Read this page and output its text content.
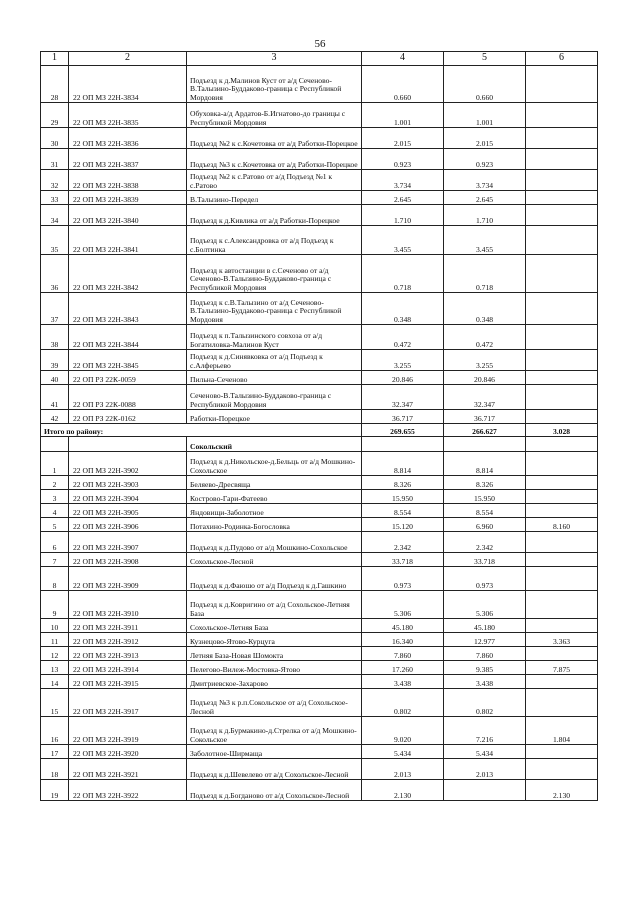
56
1	2	3	4	5	6
28	22 ОП МЗ 22Н-3834	Подъезд к д.Малинов Куст от а/д Сеченово-В.Талызино-Буддаково-граница с Республикой Мордовия	0.660	0.660	
29	22 ОП МЗ 22Н-3835	Обуховка-а/д Ардатов-Б.Игнатово-до границы с Республикой Мордовия	1.001	1.001	
30	22 ОП МЗ 22Н-3836	Подъезд №2 к с.Кочетовка от а/д Работки-Порецкое	2.015	2.015	
31	22 ОП МЗ 22Н-3837	Подъезд №3 к с.Кочетовка от а/д Работки-Порецкое	0.923	0.923	
32	22 ОП МЗ 22Н-3838	Подъезд №2 к с.Ратово от а/д Подъезд №1 к с.Ратово	3.734	3.734	
33	22 ОП МЗ 22Н-3839	В.Талызино-Передел	2.645	2.645	
34	22 ОП МЗ 22Н-3840	Подъезд к д.Кивлика от а/д Работки-Порецкое	1.710	1.710	
35	22 ОП МЗ 22Н-3841	Подъезд к с.Александровка от а/д Подъезд к с.Болтинка	3.455	3.455	
36	22 ОП МЗ 22Н-3842	Подъезд к автостанции в с.Сеченово от а/д Сеченово-В.Талызино-Буддаково-граница с Республикой Мордовия	0.718	0.718	
37	22 ОП МЗ 22Н-3843	Подъезд к с.В.Талызино от а/д Сеченово-В.Талызино-Буддаково-граница с Республикой Мордовия	0.348	0.348	
38	22 ОП МЗ 22Н-3844	Подъезд к п.Талызинского совхоза от а/д Богатиловка-Малинов Куст	0.472	0.472	
39	22 ОП МЗ 22Н-3845	Подъезд к д.Синявковка от а/д Подъезд к с.Алферьево	3.255	3.255	
40	22 ОП РЗ 22К-0059	Пильна-Сеченово	20.846	20.846	
41	22 ОП РЗ 22К-0088	Сеченово-В.Талызино-Буддаково-граница с Республикой Мордовия	32.347	32.347	
42	22 ОП РЗ 22К-0162	Работки-Порецкое	36.717	36.717	
Итого по району:			269.655	266.627	3.028
		Сокольский			
1	22 ОП МЗ 22Н-3902	Подъезд к д.Никольское-д.Бельць от а/д Мошкино-Сохольское	8.814	8.814	
2	22 ОП МЗ 22Н-3903	Беляево-Дресвяща	8.326	8.326	
3	22 ОП МЗ 22Н-3904	Кострово-Гари-Фатеево	15.950	15.950	
4	22 ОП МЗ 22Н-3905	Яндовищи-Заболотное	8.554	8.554	
5	22 ОП МЗ 22Н-3906	Потахино-Родинка-Богословка	15.120	6.960	8.160
6	22 ОП МЗ 22Н-3907	Подъезд к д.Пудово от а/д Мошкино-Сохольское	2.342	2.342	
7	22 ОП МЗ 22Н-3908	Сохольское-Лесной	33.718	33.718	
8	22 ОП МЗ 22Н-3909	Подъезд к д.Фаюшо от а/д Подъезд к д.Гашкино	0.973	0.973	
9	22 ОП МЗ 22Н-3910	Подъезд к д.Ковригино от а/д Сохольское-Летняя База	5.306	5.306	
10	22 ОП МЗ 22Н-3911	Сохольское-Летняя База	45.180	45.180	
11	22 ОП МЗ 22Н-3912	Кузнецово-Ятово-Курцуга	16.340	12.977	3.363
12	22 ОП МЗ 22Н-3913	Летняя База-Новая Шомокта	7.860	7.860	
13	22 ОП МЗ 22Н-3914	Пелегово-Вилеж-Мостовка-Ятово	17.260	9.385	7.875
14	22 ОП МЗ 22Н-3915	Дмитриевское-Захарово	3.438	3.438	
15	22 ОП МЗ 22Н-3917	Подъезд №3 к р.п.Сокольское от а/д Сохольское-Лесной	0.802	0.802	
16	22 ОП МЗ 22Н-3919	Подъезд к д.Бурмакино-д.Стрелка от а/д Мошкино-Сокольское	9.020	7.216	1.804
17	22 ОП МЗ 22Н-3920	Заболотное-Ширмаща	5.434	5.434	
18	22 ОП МЗ 22Н-3921	Подъезд к д.Шевелево от а/д Сохольское-Лесной	2.013	2.013	
19	22 ОП МЗ 22Н-3922	Подъезд к д.Богданово от а/д Сохольское-Лесной	2.130		2.130
